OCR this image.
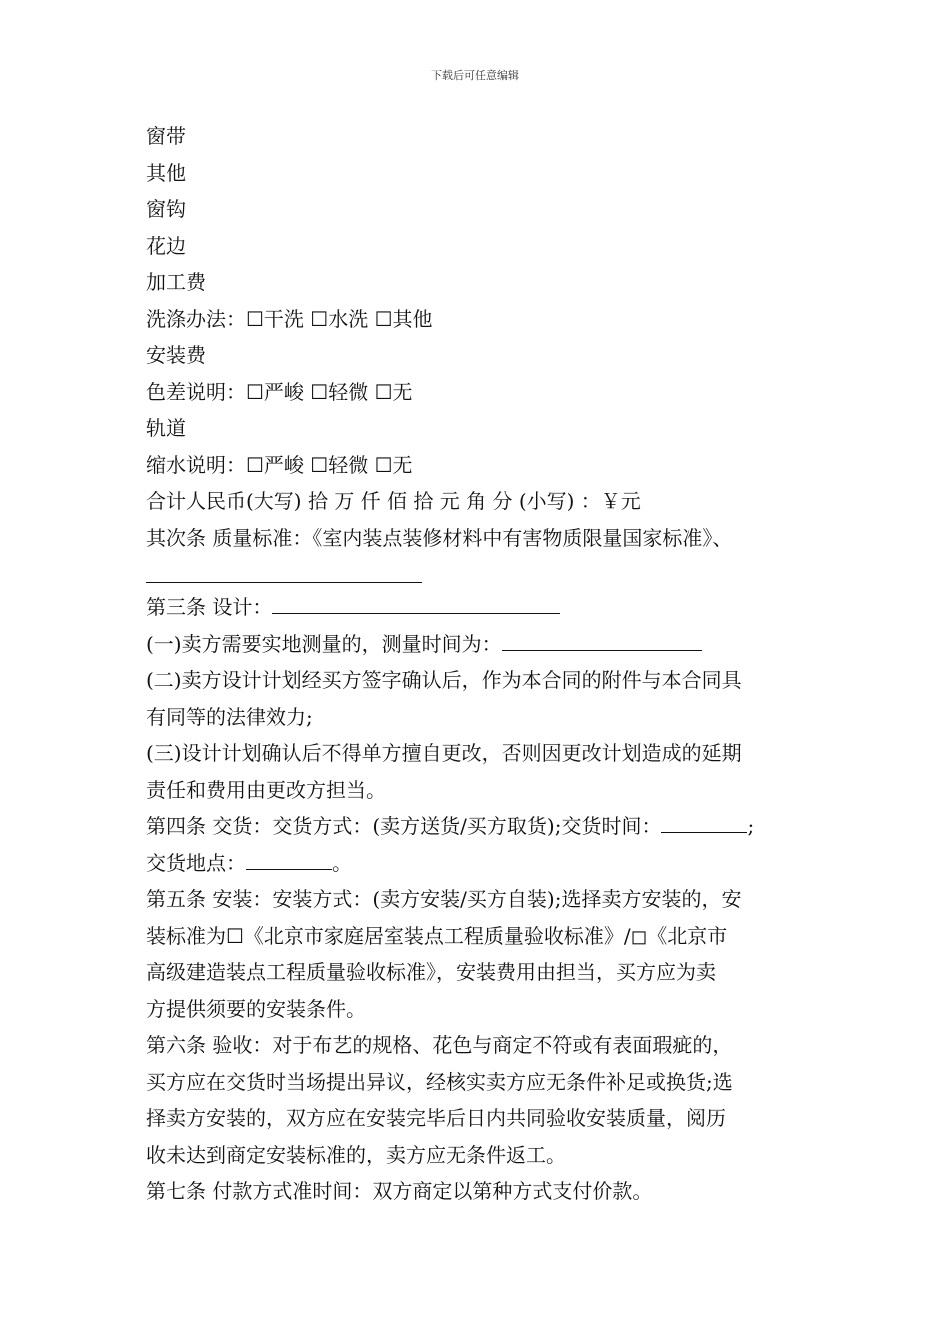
下载后可任意编辑
窗带
其他
窗钩
花边
加工费
洗涤办法：☐干洗 ☐水洗 ☐其他
安装费
色差说明：☐严峻 ☐轻微 ☐无
轨道
缩水说明：☐严峻 ☐轻微 ☐无
合计人民币(大写) 拾 万 仟 佰 拾 元 角 分 (小写) ：￥元
其次条 质量标准：《室内装点装修材料中有害物质限量国家标准》、
第三条 设计：
(一)卖方需要实地测量的，测量时间为：
(二)卖方设计计划经买方签字确认后，作为本合同的附件与本合同具
有同等的法律效力;
(三)设计计划确认后不得单方擅自更改，否则因更改计划造成的延期
责任和费用由更改方担当。
第四条 交货：交货方式：(卖方送货/买方取货);交货时间：	;
交货地点：	。
第五条 安装：安装方式：(卖方安装/买方自装);选择卖方安装的，安
装标准为☐《北京市家庭居室装点工程质量验收标准》/◻《北京市
高级建造装点工程质量验收标准》，安装费用由担当，买方应为卖
方提供须要的安装条件。
第六条 验收：对于布艺的规格、花色与商定不符或有表面瑕疵的，
买方应在交货时当场提出异议，经核实卖方应无条件补足或换货;选
择卖方安装的，双方应在安装完毕后日内共同验收安装质量，阅历
收未达到商定安装标准的，卖方应无条件返工。
第七条 付款方式准时间：双方商定以第种方式支付价款。
